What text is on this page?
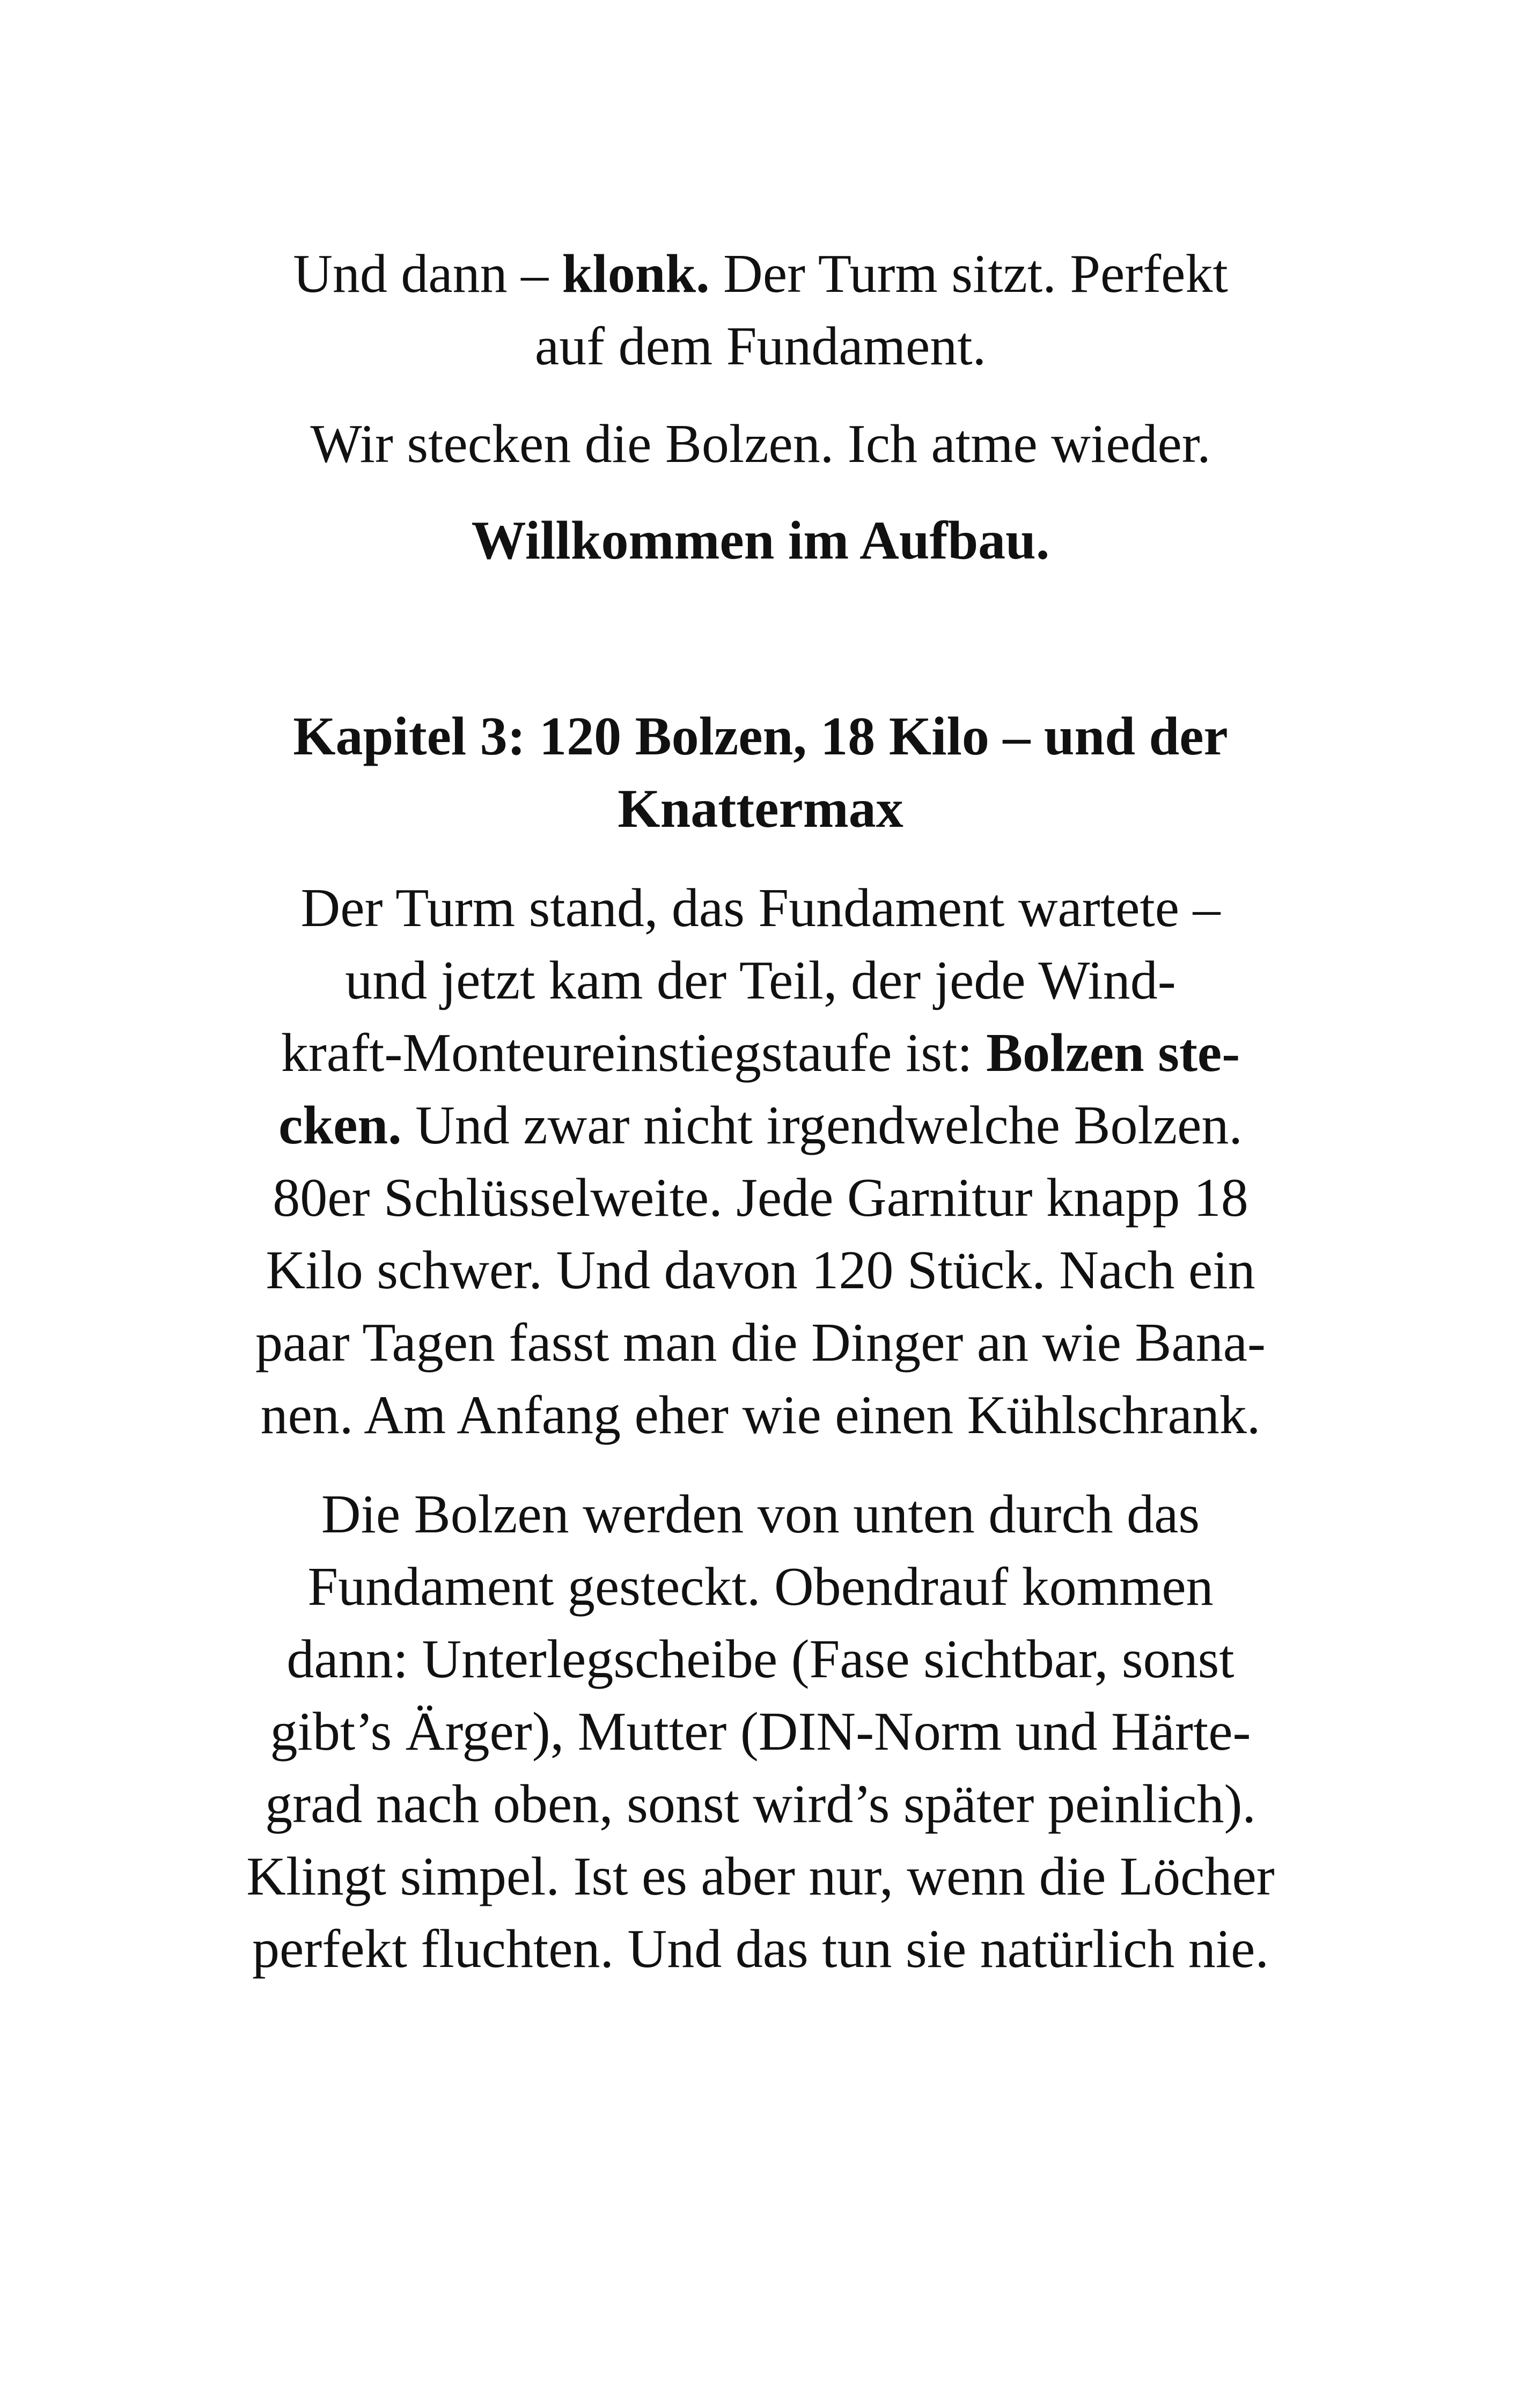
Und dann – klonk. Der Turm sitzt. Perfekt
auf dem Fundament.
Wir stecken die Bolzen. Ich atme wieder.
Willkommen im Aufbau.
Kapitel 3: 120 Bolzen, 18 Kilo – und der
Knattermax
Der Turm stand, das Fundament wartete –
und jetzt kam der Teil, der jede Wind-
kraft-Monteureinstiegstaufe ist: Bolzen ste-
cken. Und zwar nicht irgendwelche Bolzen.
80er Schlüsselweite. Jede Garnitur knapp 18
Kilo schwer. Und davon 120 Stück. Nach ein
paar Tagen fasst man die Dinger an wie Bana-
nen. Am Anfang eher wie einen Kühlschrank.
Die Bolzen werden von unten durch das
Fundament gesteckt. Obendrauf kommen
dann: Unterlegscheibe (Fase sichtbar, sonst
gibt’s Ärger), Mutter (DIN-Norm und Härte-
grad nach oben, sonst wird’s später peinlich).
Klingt simpel. Ist es aber nur, wenn die Löcher
perfekt fluchten. Und das tun sie natürlich nie.
